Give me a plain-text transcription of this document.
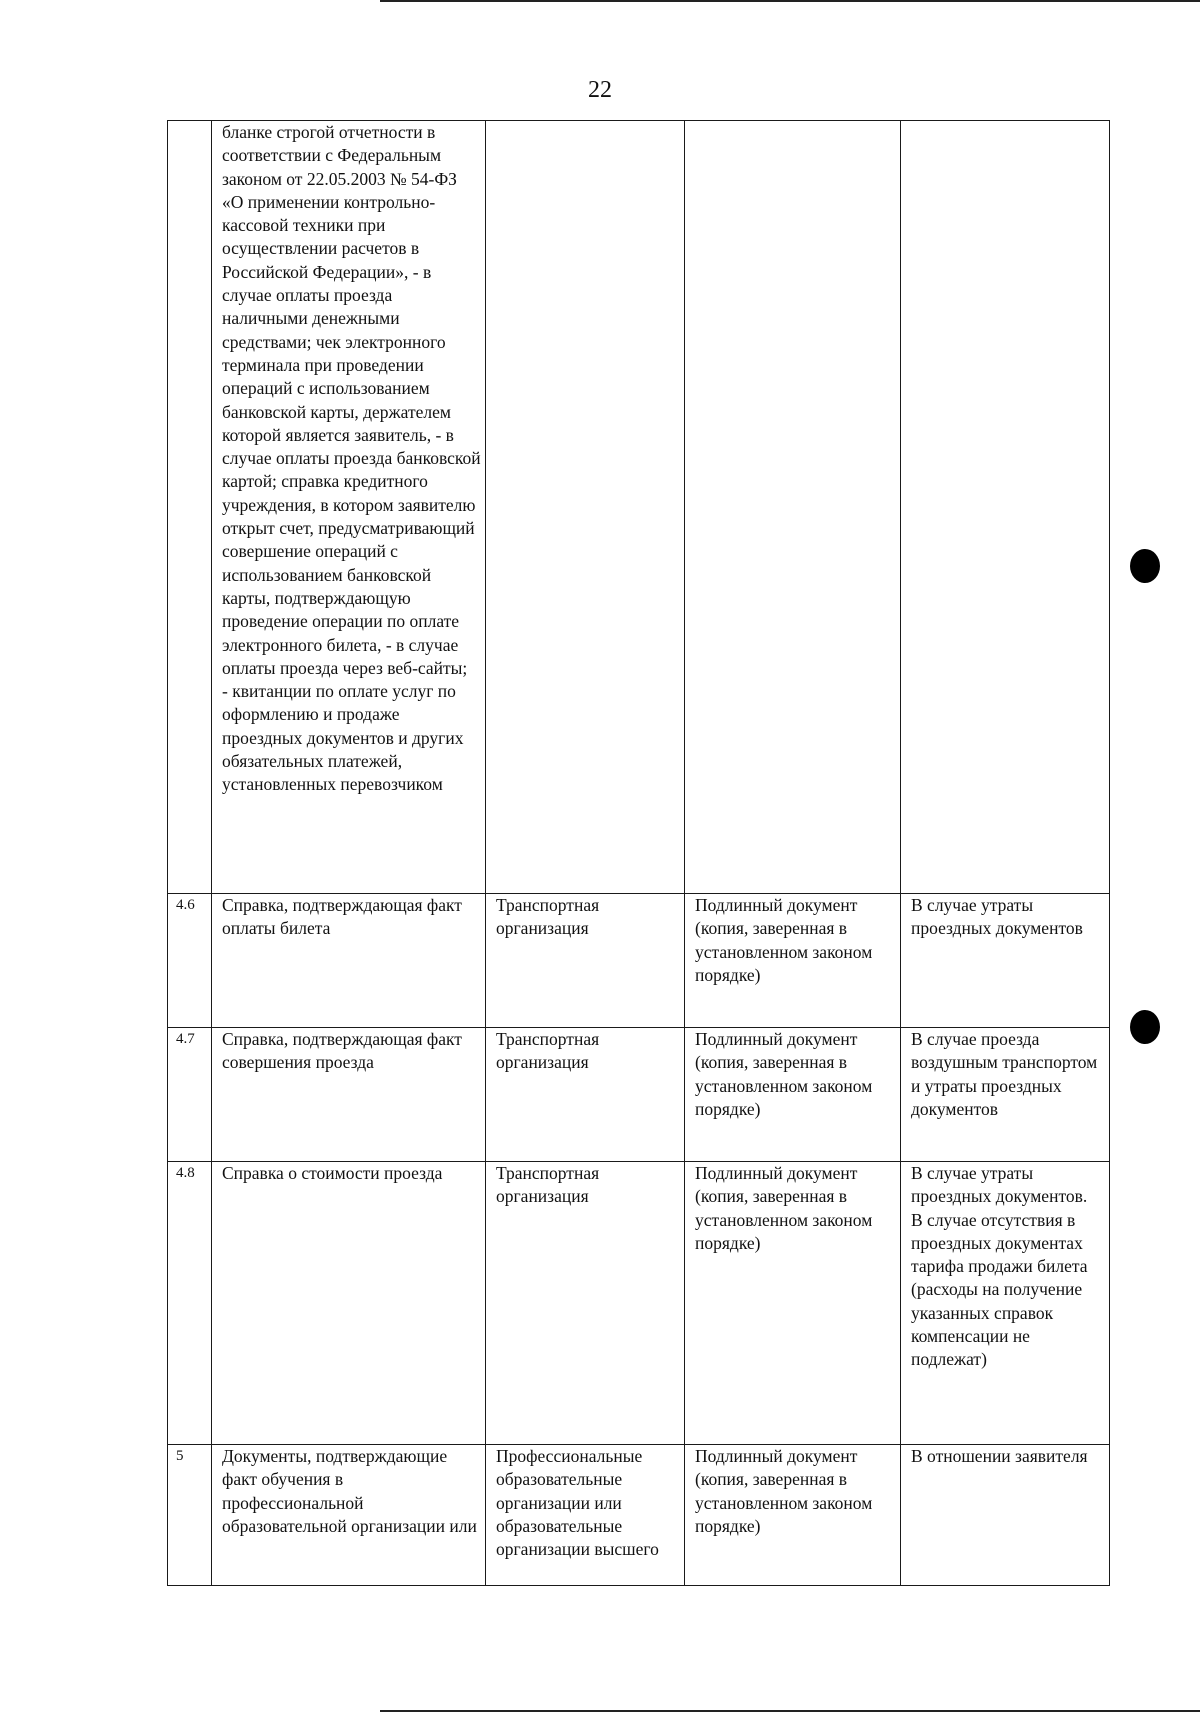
22

	бланке строгой отчетности в соответствии с Федеральным законом от 22.05.2003 № 54-ФЗ «О применении контрольно-кассовой техники при осуществлении расчетов в Российской Федерации», - в случае оплаты проезда наличными денежными средствами; чек электронного терминала при проведении операций с использованием банковской карты, держателем которой является заявитель, - в случае оплаты проезда банковской картой; справка кредитного учреждения, в котором заявителю открыт счет, предусматривающий совершение операций с использованием банковской карты, подтверждающую проведение операции по оплате электронного билета, - в случае оплаты проезда через веб-сайты;
- квитанции по оплате услуг по оформлению и продаже проездных документов и других обязательных платежей, установленных перевозчиком			

4.6	Справка, подтверждающая факт оплаты билета	Транспортная организация	Подлинный документ (копия, заверенная в установленном законом порядке)	В случае утраты проездных документов
4.7	Справка, подтверждающая факт совершения проезда	Транспортная организация	Подлинный документ (копия, заверенная в установленном законом порядке)	В случае проезда воздушным транспортом и утраты проездных документов
4.8	Справка о стоимости проезда	Транспортная организация	Подлинный документ (копия, заверенная в установленном законом порядке)	В случае утраты проездных документов.
В случае отсутствия в проездных документах тарифа продажи билета (расходы на получение указанных справок компенсации не подлежат)

5	Документы, подтверждающие факт обучения в профессиональной образовательной организации или	Профессиональные образовательные организации или образовательные организации высшего	Подлинный документ (копия, заверенная в установленном законом порядке)	В отношении заявителя
